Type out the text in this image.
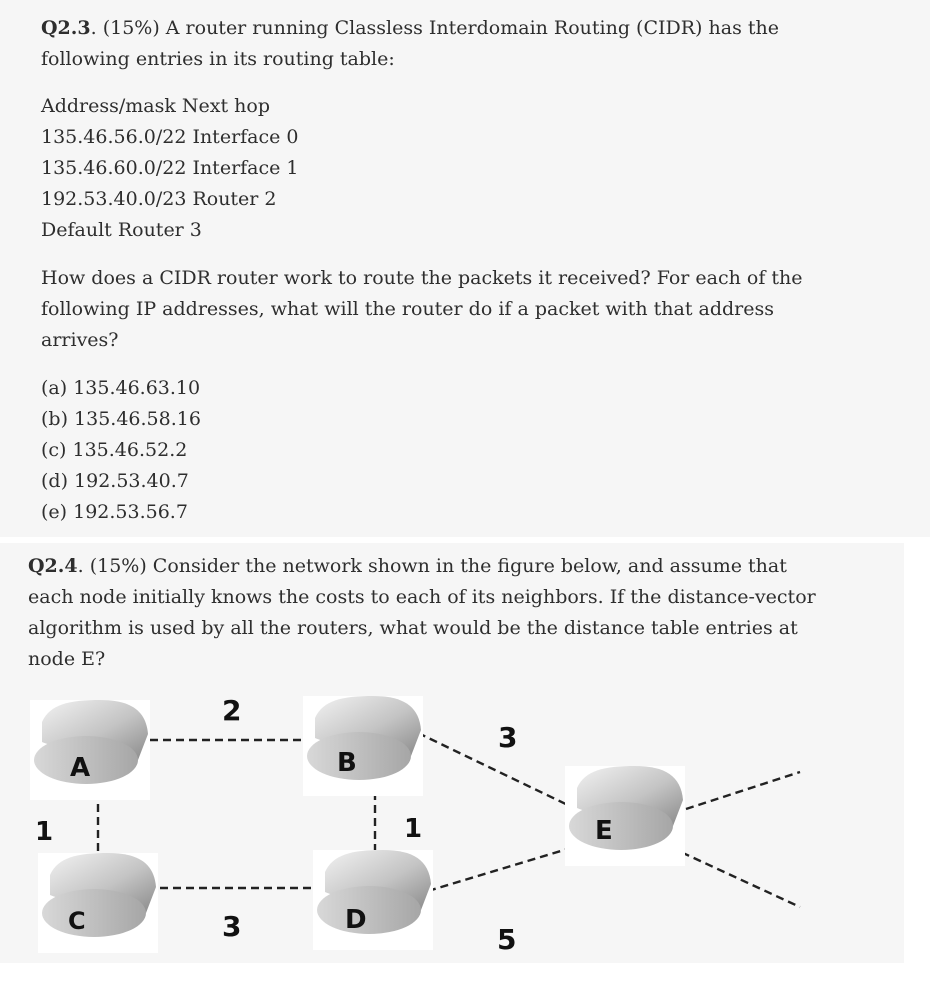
Q2.3. (15%) A router running Classless Interdomain Routing (CIDR) has the
following entries in its routing table:
Address/mask Next hop
135.46.56.0/22 Interface 0
135.46.60.0/22 Interface 1
192.53.40.0/23 Router 2
Default Router 3
How does a CIDR router work to route the packets it received? For each of the
following IP addresses, what will the router do if a packet with that address
arrives?
(a) 135.46.63.10
(b) 135.46.58.16
(c) 135.46.52.2
(d) 192.53.40.7
(e) 192.53.56.7
Q2.4. (15%) Consider the network shown in the figure below, and assume that
each node initially knows the costs to each of its neighbors. If the distance-vector
algorithm is used by all the routers, what would be the distance table entries at
node E?
A	B
C	D
E
2
1	1
3
3
5
